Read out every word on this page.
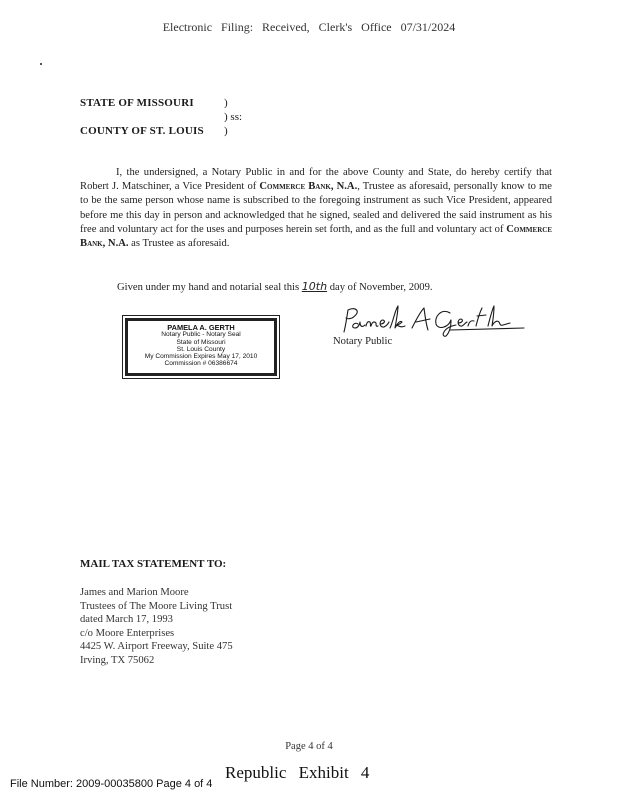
Electronic Filing: Received, Clerk's Office 07/31/2024
STATE OF MISSOURI	)
) ss:
COUNTY OF ST. LOUIS )
I, the undersigned, a Notary Public in and for the above County and State, do hereby certify that Robert J. Matschiner, a Vice President of Commerce Bank, N.A., Trustee as aforesaid, personally know to me to be the same person whose name is subscribed to the foregoing instrument as such Vice President, appeared before me this day in person and acknowledged that he signed, sealed and delivered the said instrument as his free and voluntary act for the uses and purposes herein set forth, and as the full and voluntary act of Commerce Bank, N.A. as Trustee as aforesaid.
Given under my hand and notarial seal this 10th day of November, 2009.
PAMELA A. GERTH
Notary Public - Notary Seal
State of Missouri
St. Louis County
My Commission Expires May 17, 2010
Commission # 06386674
Notary Public
MAIL TAX STATEMENT TO:
James and Marion Moore
Trustees of The Moore Living Trust
dated March 17, 1993
c/o Moore Enterprises
4425 W. Airport Freeway, Suite 475
Irving, TX 75062
Page 4 of 4
File Number: 2009-00035800 Page 4 of 4
Republic Exhibit 4
